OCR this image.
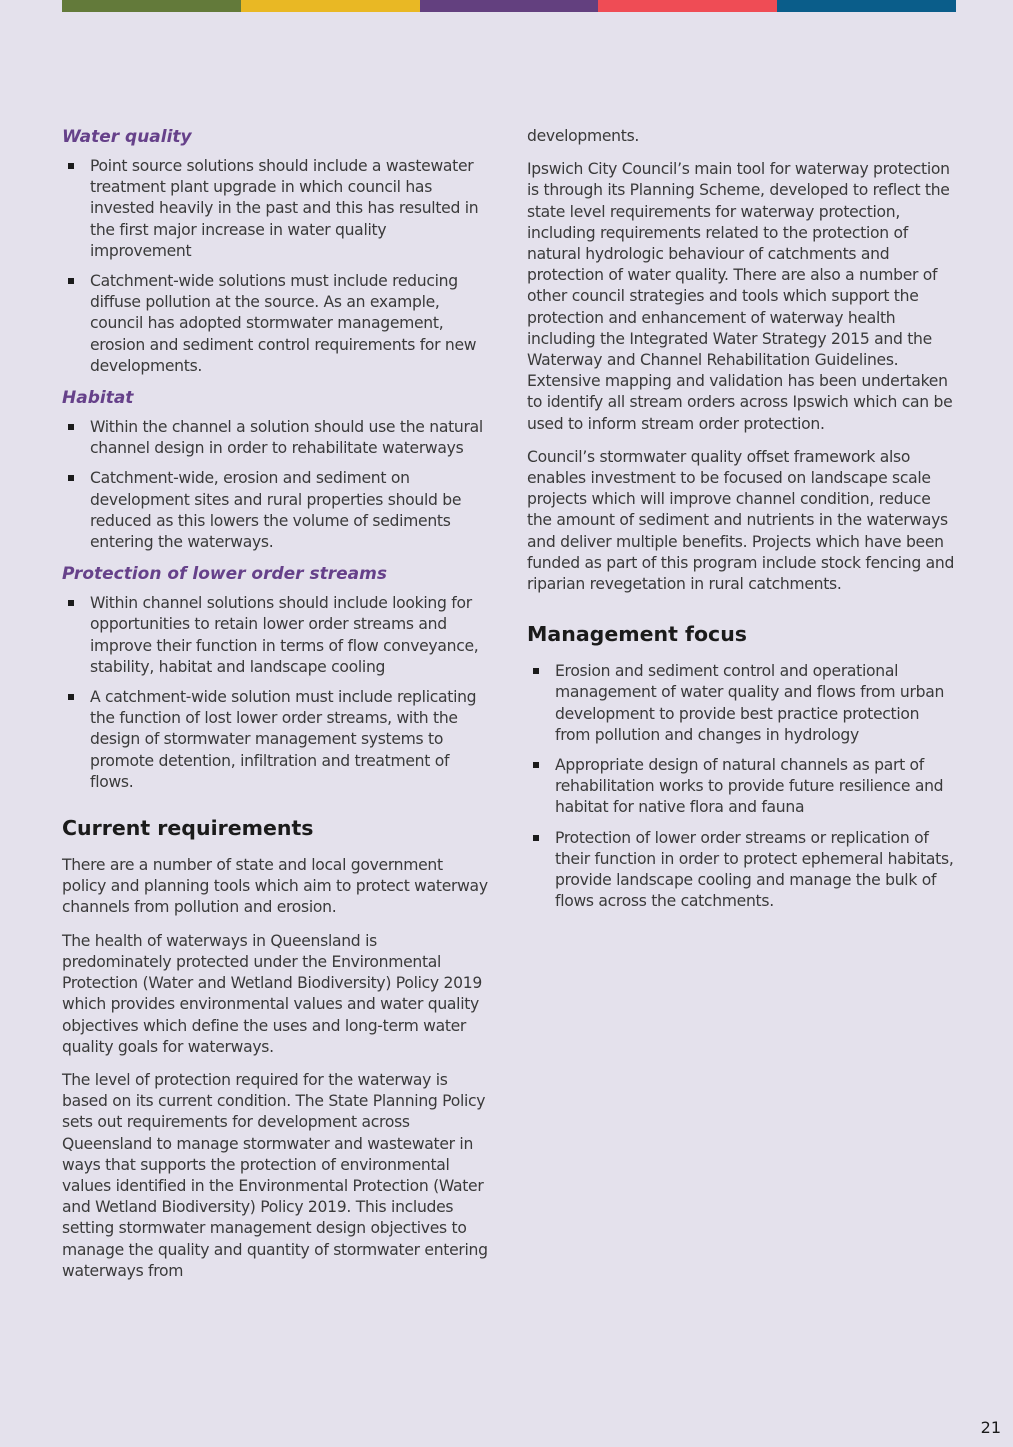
Water quality
Point source solutions should include a wastewater treatment plant upgrade in which council has invested heavily in the past and this has resulted in the first major increase in water quality improvement
Catchment-wide solutions must include reducing diffuse pollution at the source. As an example, council has adopted stormwater management, erosion and sediment control requirements for new developments.
Habitat
Within the channel a solution should use the natural channel design in order to rehabilitate waterways
Catchment-wide, erosion and sediment on development sites and rural properties should be reduced as this lowers the volume of sediments entering the waterways.
Protection of lower order streams
Within channel solutions should include looking for opportunities to retain lower order streams and improve their function in terms of flow conveyance, stability, habitat and landscape cooling
A catchment-wide solution must include replicating the function of lost lower order streams, with the design of stormwater management systems to promote detention, infiltration and treatment of flows.
Current requirements

There are a number of state and local government policy and planning tools which aim to protect waterway channels from pollution and erosion.

The health of waterways in Queensland is predominately protected under the Environmental Protection (Water and Wetland Biodiversity) Policy 2019 which provides environmental values and water quality objectives which define the uses and long-term water quality goals for waterways.

The level of protection required for the waterway is based on its current condition. The State Planning Policy sets out requirements for development across Queensland to manage stormwater and wastewater in ways that supports the protection of environmental values identified in the Environmental Protection (Water and Wetland Biodiversity) Policy 2019. This includes setting stormwater management design objectives to manage the quality and quantity of stormwater entering waterways from

developments.

Ipswich City Council’s main tool for waterway protection is through its Planning Scheme, developed to reflect the state level requirements for waterway protection, including requirements related to the protection of natural hydrologic behaviour of catchments and protection of water quality. There are also a number of other council strategies and tools which support the protection and enhancement of waterway health including the Integrated Water Strategy 2015 and the Waterway and Channel Rehabilitation Guidelines. Extensive mapping and validation has been undertaken to identify all stream orders across Ipswich which can be used to inform stream order protection.

Council’s stormwater quality offset framework also enables investment to be focused on landscape scale projects which will improve channel condition, reduce the amount of sediment and nutrients in the waterways and deliver multiple benefits. Projects which have been funded as part of this program include stock fencing and riparian revegetation in rural catchments.

Management focus
Erosion and sediment control and operational management of water quality and flows from urban development to provide best practice protection from pollution and changes in hydrology
Appropriate design of natural channels as part of rehabilitation works to provide future resilience and habitat for native flora and fauna
Protection of lower order streams or replication of their function in order to protect ephemeral habitats, provide landscape cooling and manage the bulk of flows across the catchments.
21
